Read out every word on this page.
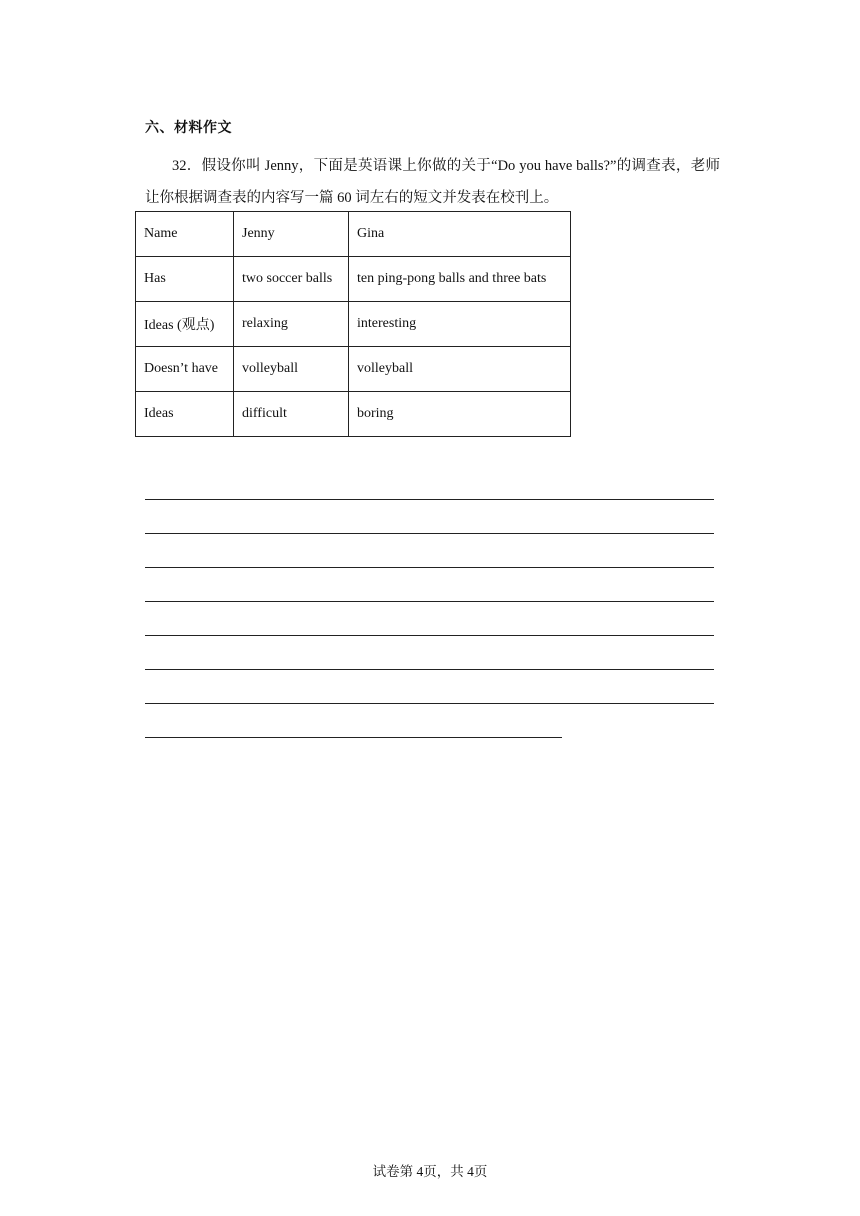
六、材料作文
32．假设你叫 Jenny，下面是英语课上你做的关于“Do you have balls?”的调查表，老师让你根据调查表的内容写一篇 60 词左右的短文并发表在校刊上。
Name	Jenny	Gina
Has	two soccer balls	ten ping-pong balls and three bats
Ideas (观点)	relaxing	interesting
Doesn’t have	volleyball	volleyball
Ideas	difficult	boring
试卷第 4页，共 4页
